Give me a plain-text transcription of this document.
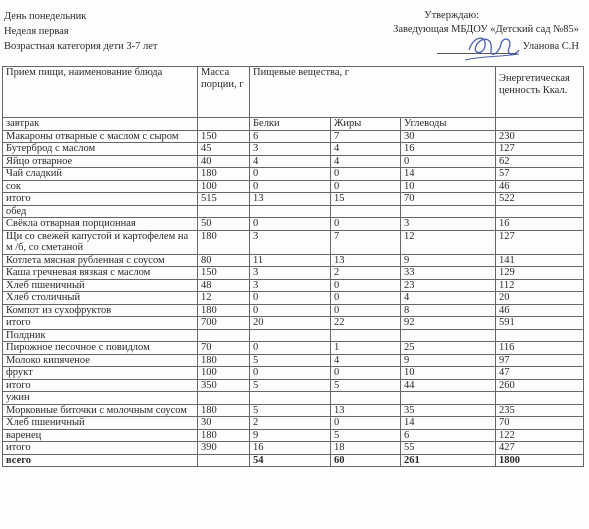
День понедельник
Неделя первая
Возрастная категория дети 3-7 лет
Утверждаю:
Заведующая МБДОУ «Детский сад №85»
Уланова С.Н
Прием пищи, наименование блюда	Масса порции, г	Пищевые вещества, г			Энергетическая ценность Ккал.
завтрак		Белки	Жиры	Углеводы	
Макароны отварные с маслом с сыром	150	6	7	30	230
Бутерброд с маслом	45	3	4	16	127
Яйцо отварное	40	4	4	0	62
Чай сладкий	180	0	0	14	57
сок	100	0	0	10	46
итого	515	13	15	70	522
обед					
Свёкла отварная порционная	50	0	0	3	16
Щи со свежей капустой и картофелем на м /б, со сметаной	180	3	7	12	127
Котлета мясная рубленная с соусом	80	11	13	9	141
Каша гречневая вязкая с маслом	150	3	2	33	129
Хлеб пшеничный	48	3	0	23	112
Хлеб столичный	12	0	0	4	20
Компот из сухофруктов	180	0	0	8	46
итого	700	20	22	92	591
Полдник					
Пирожное песочное с повидлом	70	0	1	25	116
Молоко кипяченое	180	5	4	9	97
фрукт	100	0	0	10	47
итого	350	5	5	44	260
ужин					
Морковные биточки с молочным соусом	180	5	13	35	235
Хлеб пшеничный	30	2	0	14	70
варенец	180	9	5	6	122
итого	390	16	18	55	427
всего		54	60	261	1800
